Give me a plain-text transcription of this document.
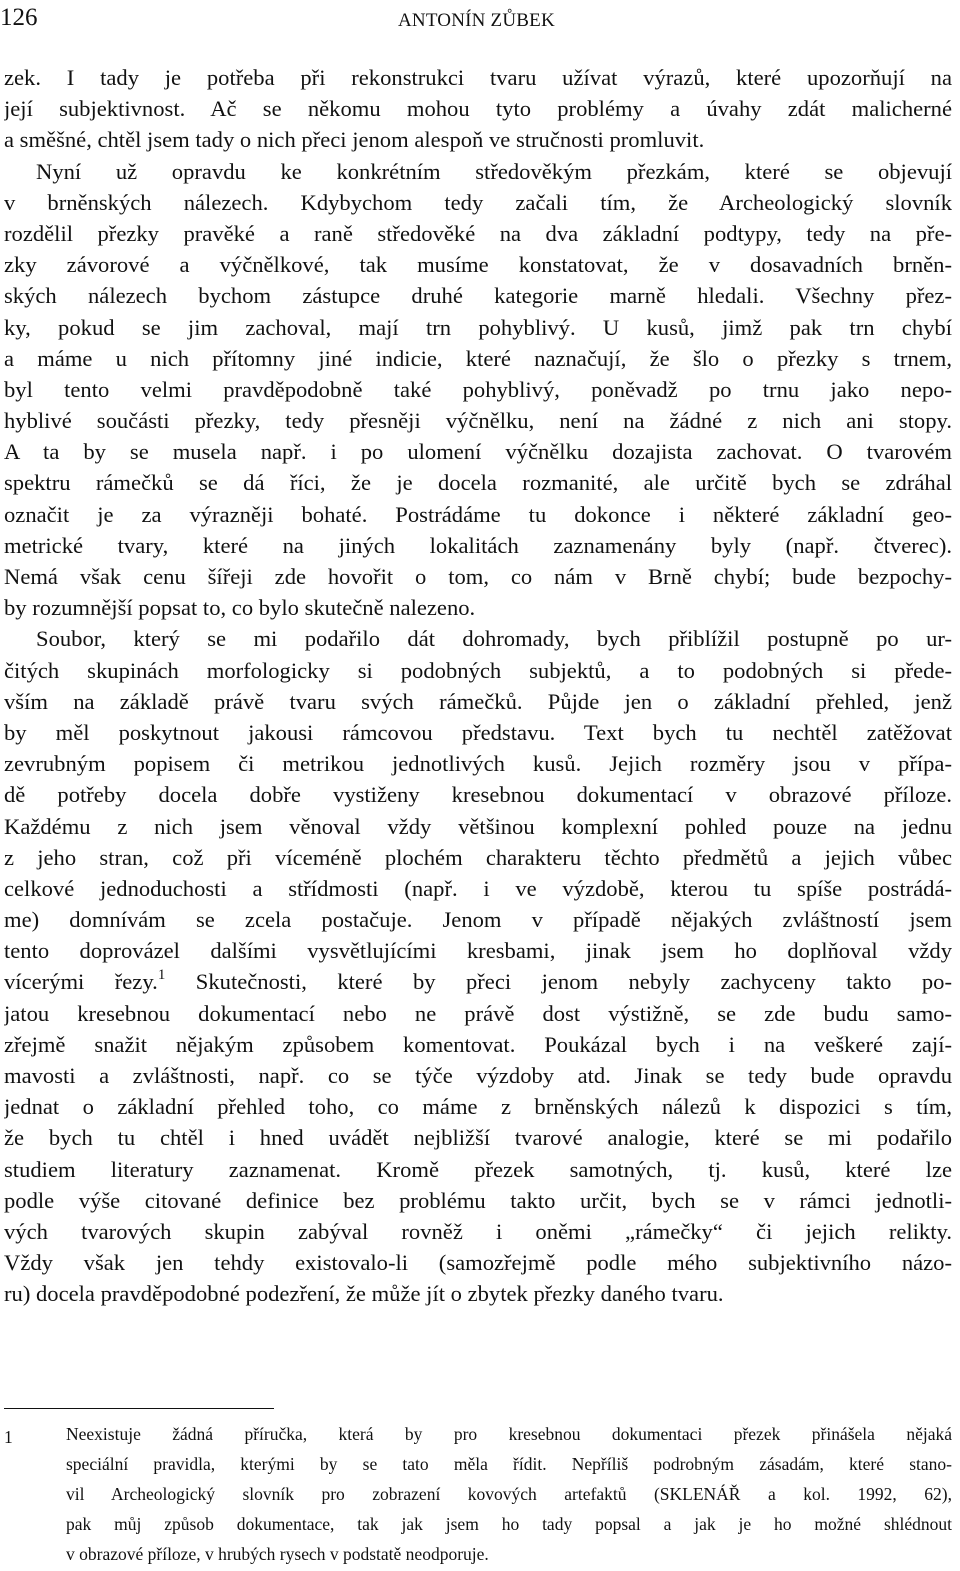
126	ANTONÍN ZŮBEK
zek. I tady je potřeba při rekonstrukci tvaru užívat výrazů, které upozorňují na
její subjektivnost. Ač se někomu mohou tyto problémy a úvahy zdát malicherné
a směšné, chtěl jsem tady o nich přeci jenom alespoň ve stručnosti promluvit.
Nyní už opravdu ke konkrétním středověkým přezkám, které se objevují
v brněnských nálezech. Kdybychom tedy začali tím, že Archeologický slovník
rozdělil přezky pravěké a raně středověké na dva základní podtypy, tedy na pře-
zky závorové a výčnělkové, tak musíme konstatovat, že v dosavadních brněn-
ských nálezech bychom zástupce druhé kategorie marně hledali. Všechny přez-
ky, pokud se jim zachoval, mají trn pohyblivý. U kusů, jimž pak trn chybí
a máme u nich přítomny jiné indicie, které naznačují, že šlo o přezky s trnem,
byl tento velmi pravděpodobně také pohyblivý, poněvadž po trnu jako nepo-
hyblivé součásti přezky, tedy přesněji výčnělku, není na žádné z nich ani stopy.
A ta by se musela např. i po ulomení výčnělku dozajista zachovat. O tvarovém
spektru rámečků se dá říci, že je docela rozmanité, ale určitě bych se zdráhal
označit je za výrazněji bohaté. Postrádáme tu dokonce i některé základní geo-
metrické tvary, které na jiných lokalitách zaznamenány byly (např. čtverec).
Nemá však cenu šířeji zde hovořit o tom, co nám v Brně chybí; bude bezpochy-
by rozumnější popsat to, co bylo skutečně nalezeno.
Soubor, který se mi podařilo dát dohromady, bych přiblížil postupně po ur-
čitých skupinách morfologicky si podobných subjektů, a to podobných si přede-
vším na základě právě tvaru svých rámečků. Půjde jen o základní přehled, jenž
by měl poskytnout jakousi rámcovou představu. Text bych tu nechtěl zatěžovat
zevrubným popisem či metrikou jednotlivých kusů. Jejich rozměry jsou v přípa-
dě potřeby docela dobře vystiženy kresebnou dokumentací v obrazové příloze.
Každému z nich jsem věnoval vždy většinou komplexní pohled pouze na jednu
z jeho stran, což při víceméně plochém charakteru těchto předmětů a jejich vůbec
celkové jednoduchosti a střídmosti (např. i ve výzdobě, kterou tu spíše postrádá-
me) domnívám se zcela postačuje. Jenom v případě nějakých zvláštností jsem
tento doprovázel dalšími vysvětlujícími kresbami, jinak jsem ho doplňoval vždy
vícerými řezy.$^1$ Skutečnosti, které by přeci jenom nebyly zachyceny takto po-
jatou kresebnou dokumentací nebo ne právě dost výstižně, se zde budu samo-
zřejmě snažit nějakým způsobem komentovat. Poukázal bych i na veškeré zají-
mavosti a zvláštnosti, např. co se týče výzdoby atd. Jinak se tedy bude opravdu
jednat o základní přehled toho, co máme z brněnských nálezů k dispozici s tím,
že bych tu chtěl i hned uvádět nejbližší tvarové analogie, které se mi podařilo
studiem literatury zaznamenat. Kromě přezek samotných, tj. kusů, které lze
podle výše citované definice bez problému takto určit, bych se v rámci jednotli-
vých tvarových skupin zabýval rovněž i oněmi „rámečky“ či jejich relikty.
Vždy však jen tehdy existovalo-li (samozřejmě podle mého subjektivního názo-
ru) docela pravděpodobné podezření, že může jít o zbytek přezky daného tvaru.
1	Neexistuje žádná příručka, která by pro kresebnou dokumentaci přezek přinášela nějaká
speciální pravidla, kterými by se tato měla řídit. Nepříliš podrobným zásadám, které stano-
vil Archeologický slovník pro zobrazení kovových artefaktů (SKLENÁŘ a kol. 1992, 62),
pak můj způsob dokumentace, tak jak jsem ho tady popsal a jak je ho možné shlédnout
v obrazové příloze, v hrubých rysech v podstatě neodporuje.
